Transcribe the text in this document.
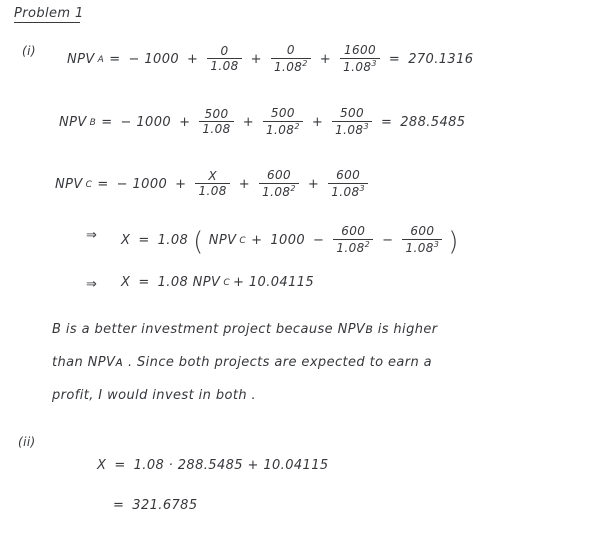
Problem 1
(i)
NPV A = − $1000 + \frac{0}{1.08} + \frac{0}{1.08^2} + \frac{1600}{1.08^3} = 270.1316$
NPV B = − $1000 + \frac{500}{1.08} + \frac{500}{1.08^2} + \frac{500}{1.08^3} = 288.5485$
NPV C = − $1000 + \frac{X}{1.08} + \frac{600}{1.08^2} + \frac{600}{1.08^3}$
⇒ X = 1.08 ( NPV $C + 1000 - \frac{600}{1.08^2} - \frac{600}{1.08^3}$ )
⇒ X = 1.08 NPV C + 10.04115
B is a better investment project because NPVʙ is higher
than NPVᴀ . Since both projects are expected to earn a
profit, I would invest in both .
(ii)
X = 1.08 · 288.5485 + 10.04115
= 321.6785
